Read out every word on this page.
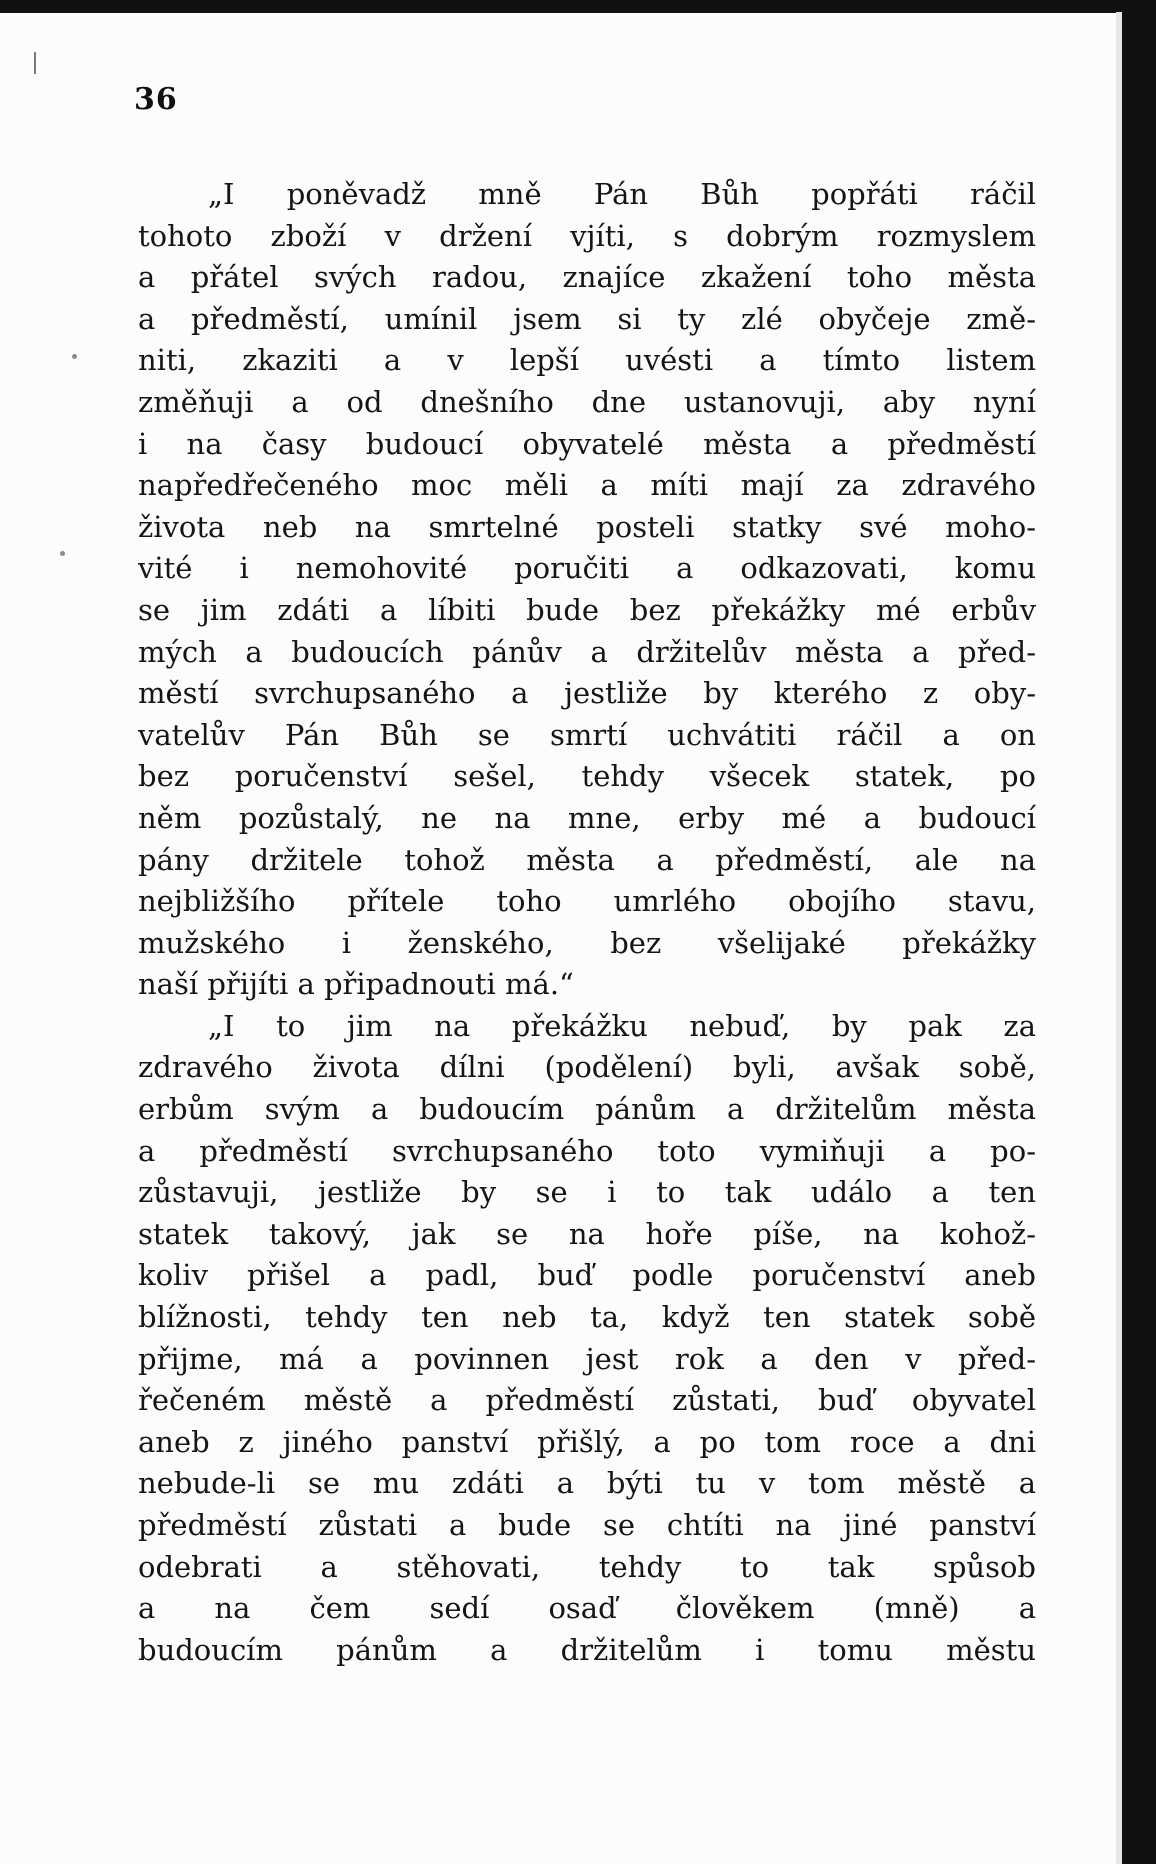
36
„I poněvadž mně Pán Bůh popřáti ráčil
tohoto zboží v držení vjíti, s dobrým rozmyslem
a přátel svých radou, znajíce zkažení toho města
a předměstí, umínil jsem si ty zlé obyčeje změ-
niti, zkaziti a v lepší uvésti a tímto listem
změňuji a od dnešního dne ustanovuji, aby nyní
i na časy budoucí obyvatelé města a předměstí
napředřečeného moc měli a míti mají za zdravého
života neb na smrtelné posteli statky své moho-
vité i nemohovité poručiti a odkazovati, komu
se jim zdáti a líbiti bude bez překážky mé erbův
mých a budoucích pánův a držitelův města a před-
městí svrchupsaného a jestliže by kterého z oby-
vatelův Pán Bůh se smrtí uchvátiti ráčil a on
bez poručenství sešel, tehdy všecek statek, po
něm pozůstalý, ne na mne, erby mé a budoucí
pány držitele tohož města a předměstí, ale na
nejbližšího přítele toho umrlého obojího stavu,
mužského i ženského, bez všelijaké překážky
naší přijíti a připadnouti má.“
„I to jim na překážku nebuď, by pak za
zdravého života dílni (podělení) byli, avšak sobě,
erbům svým a budoucím pánům a držitelům města
a předměstí svrchupsaného toto vymiňuji a po-
zůstavuji, jestliže by se i to tak událo a ten
statek takový, jak se na hoře píše, na kohož-
koliv přišel a padl, buď podle poručenství aneb
blížnosti, tehdy ten neb ta, když ten statek sobě
přijme, má a povinnen jest rok a den v před-
řečeném městě a předměstí zůstati, buď obyvatel
aneb z jiného panství přišlý, a po tom roce a dni
nebude-li se mu zdáti a býti tu v tom městě a
předměstí zůstati a bude se chtíti na jiné panství
odebrati a stěhovati, tehdy to tak spůsob
a na čem sedí osaď člověkem (mně) a
budoucím pánům a držitelům i tomu městu
